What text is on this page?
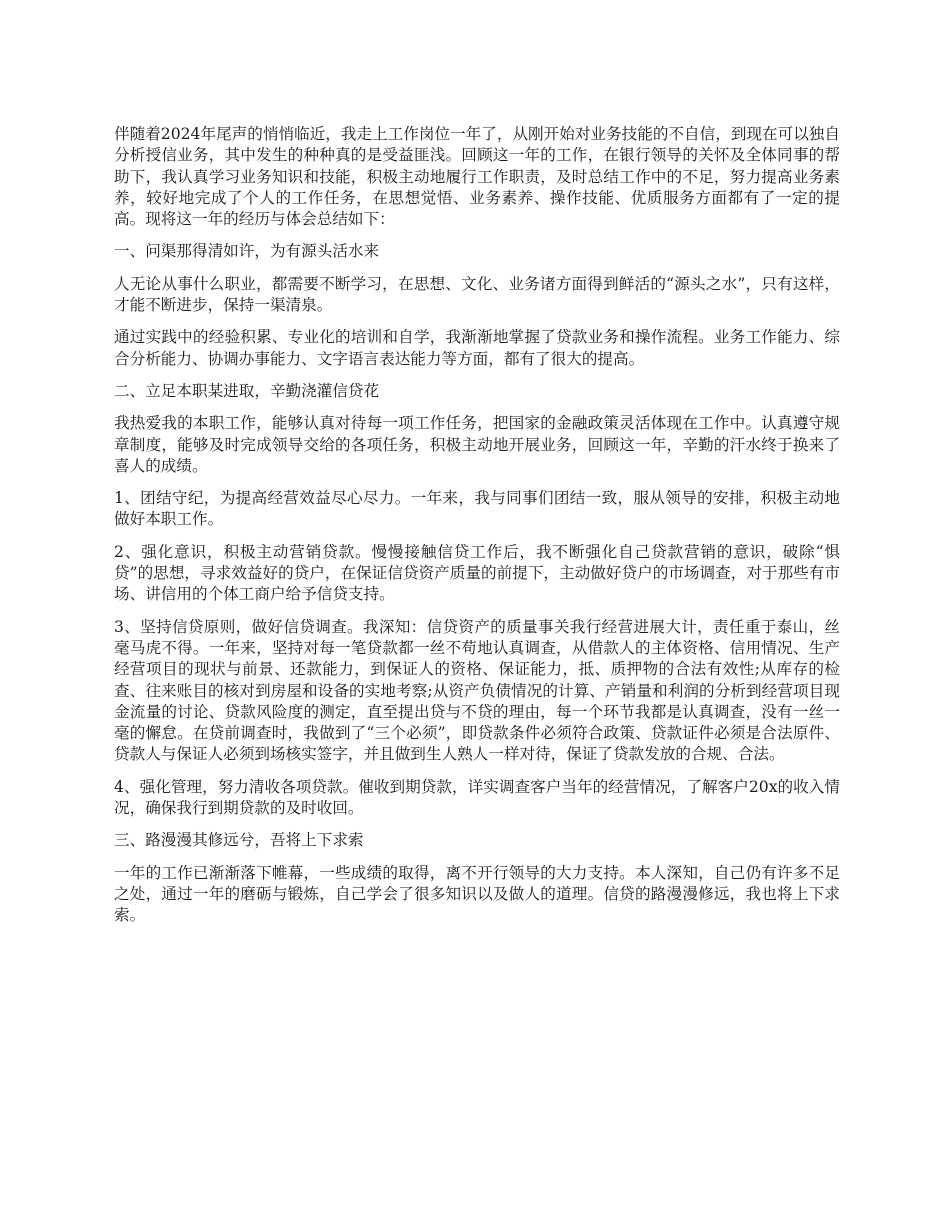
伴随着2024年尾声的悄悄临近，我走上工作岗位一年了，从刚开始对业务技能的不自信，到现在可以独自分析授信业务，其中发生的种种真的是受益匪浅。回顾这一年的工作，在银行领导的关怀及全体同事的帮助下，我认真学习业务知识和技能，积极主动地履行工作职责，及时总结工作中的不足，努力提高业务素养，较好地完成了个人的工作任务，在思想觉悟、业务素养、操作技能、优质服务方面都有了一定的提高。现将这一年的经历与体会总结如下：

一、问渠那得清如许，为有源头活水来

人无论从事什么职业，都需要不断学习，在思想、文化、业务诸方面得到鲜活的“源头之水”，只有这样，才能不断进步，保持一渠清泉。

通过实践中的经验积累、专业化的培训和自学，我渐渐地掌握了贷款业务和操作流程。业务工作能力、综合分析能力、协调办事能力、文字语言表达能力等方面，都有了很大的提高。

二、立足本职某进取，辛勤浇灌信贷花

我热爱我的本职工作，能够认真对待每一项工作任务，把国家的金融政策灵活体现在工作中。认真遵守规章制度，能够及时完成领导交给的各项任务，积极主动地开展业务，回顾这一年，辛勤的汗水终于换来了喜人的成绩。

1、团结守纪，为提高经营效益尽心尽力。一年来，我与同事们团结一致，服从领导的安排，积极主动地做好本职工作。

2、强化意识，积极主动营销贷款。慢慢接触信贷工作后，我不断强化自己贷款营销的意识，破除“惧贷”的思想，寻求效益好的贷户，在保证信贷资产质量的前提下，主动做好贷户的市场调查，对于那些有市场、讲信用的个体工商户给予信贷支持。

3、坚持信贷原则，做好信贷调查。我深知：信贷资产的质量事关我行经营进展大计，责任重于泰山，丝毫马虎不得。一年来，坚持对每一笔贷款都一丝不苟地认真调查，从借款人的主体资格、信用情况、生产经营项目的现状与前景、还款能力，到保证人的资格、保证能力，抵、质押物的合法有效性;从库存的检查、往来账目的核对到房屋和设备的实地考察;从资产负债情况的计算、产销量和利润的分析到经营项目现金流量的讨论、贷款风险度的测定，直至提出贷与不贷的理由，每一个环节我都是认真调查，没有一丝一毫的懈怠。在贷前调查时，我做到了“三个必须”，即贷款条件必须符合政策、贷款证件必须是合法原件、贷款人与保证人必须到场核实签字，并且做到生人熟人一样对待，保证了贷款发放的合规、合法。

4、强化管理，努力清收各项贷款。催收到期贷款，详实调查客户当年的经营情况，了解客户20x的收入情况，确保我行到期贷款的及时收回。

三、路漫漫其修远兮，吾将上下求索

一年的工作已渐渐落下帷幕，一些成绩的取得，离不开行领导的大力支持。本人深知，自己仍有许多不足之处，通过一年的磨砺与锻炼，自己学会了很多知识以及做人的道理。信贷的路漫漫修远，我也将上下求索。
